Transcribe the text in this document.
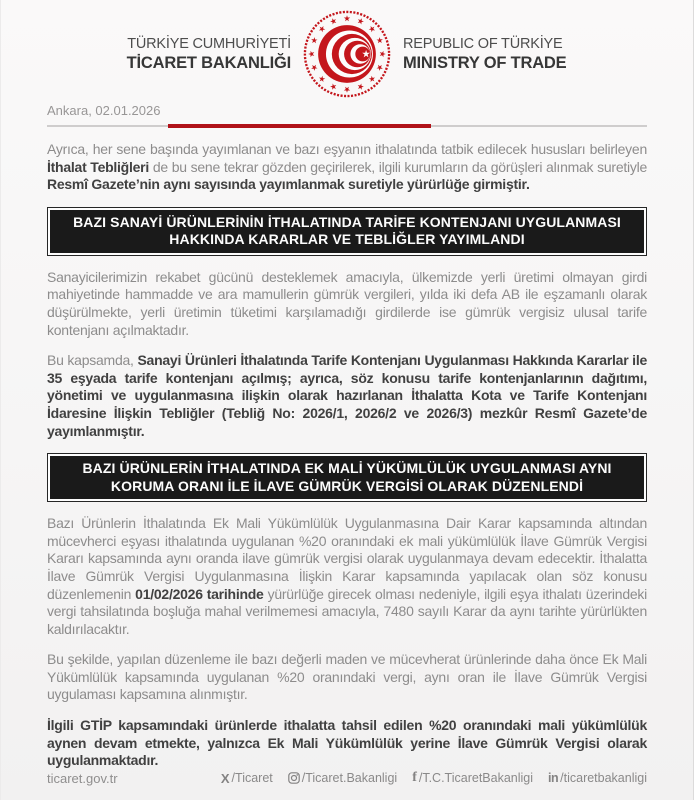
TÜRKİYE CUMHURİYETİ
TİCARET BAKANLIĞI
REPUBLIC OF TÜRKİYE
MINISTRY OF TRADE
Ankara, 02.01.2026

Ayrıca, her sene başında yayımlanan ve bazı eşyanın ithalatında tatbik edilecek hususları belirleyen İthalat Tebliğleri de bu sene tekrar gözden geçirilerek, ilgili kurumların da görüşleri alınmak suretiyle Resmî Gazete’nin aynı sayısında yayımlanmak suretiyle yürürlüğe girmiştir.

BAZI SANAYİ ÜRÜNLERİNİN İTHALATINDA TARİFE KONTENJANI UYGULANMASI HAKKINDA KARARLAR VE TEBLİĞLER YAYIMLANDI

Sanayicilerimizin rekabet gücünü desteklemek amacıyla, ülkemizde yerli üretimi olmayan girdi mahiyetinde hammadde ve ara mamullerin gümrük vergileri, yılda iki defa AB ile eşzamanlı olarak düşürülmekte, yerli üretimin tüketimi karşılamadığı girdilerde ise gümrük vergisiz ulusal tarife kontenjanı açılmaktadır.

Bu kapsamda, Sanayi Ürünleri İthalatında Tarife Kontenjanı Uygulanması Hakkında Kararlar ile 35 eşyada tarife kontenjanı açılmış; ayrıca, söz konusu tarife kontenjanlarının dağıtımı, yönetimi ve uygulanmasına ilişkin olarak hazırlanan İthalatta Kota ve Tarife Kontenjanı İdaresine İlişkin Tebliğler (Tebliğ No: 2026/1, 2026/2 ve 2026/3) mezkûr Resmî Gazete’de yayımlanmıştır.

BAZI ÜRÜNLERİN İTHALATINDA EK MALİ YÜKÜMLÜLÜK UYGULANMASI AYNI KORUMA ORANI İLE İLAVE GÜMRÜK VERGİSİ OLARAK DÜZENLENDİ

Bazı Ürünlerin İthalatında Ek Mali Yükümlülük Uygulanmasına Dair Karar kapsamında altından mücevherci eşyası ithalatında uygulanan %20 oranındaki ek mali yükümlülük İlave Gümrük Vergisi Kararı kapsamında aynı oranda ilave gümrük vergisi olarak uygulanmaya devam edecektir. İthalatta İlave Gümrük Vergisi Uygulanmasına İlişkin Karar kapsamında yapılacak olan söz konusu düzenlemenin 01/02/2026 tarihinde yürürlüğe girecek olması nedeniyle, ilgili eşya ithalatı üzerindeki vergi tahsilatında boşluğa mahal verilmemesi amacıyla, 7480 sayılı Karar da aynı tarihte yürürlükten kaldırılacaktır.

Bu şekilde, yapılan düzenleme ile bazı değerli maden ve mücevherat ürünlerinde daha önce Ek Mali Yükümlülük kapsamında uygulanan %20 oranındaki vergi, aynı oran ile İlave Gümrük Vergisi uygulaması kapsamına alınmıştır.

İlgili GTİP kapsamındaki ürünlerde ithalatta tahsil edilen %20 oranındaki mali yükümlülük aynen devam etmekte, yalnızca Ek Mali Yükümlülük yerine İlave Gümrük Vergisi olarak uygulanmaktadır.

ticaret.gov.tr	X /Ticaret /Ticaret.Bakanligi f /T.C.TicaretBakanligi in /ticaretbakanligi
